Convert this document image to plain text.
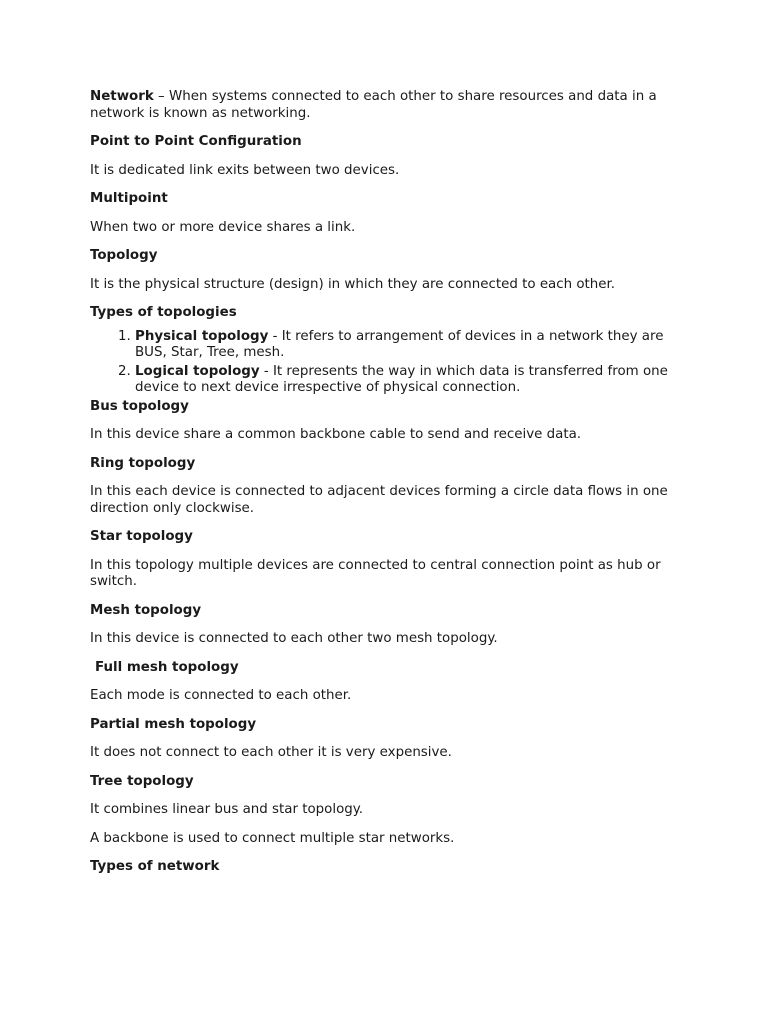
Network – When systems connected to each other to share resources and data in a network is known as networking.

Point to Point Configuration

It is dedicated link exits between two devices.

Multipoint

When two or more device shares a link.

Topology

It is the physical structure (design) in which they are connected to each other.

Types of topologies

1. Physical topology - It refers to arrangement of devices in a network they are BUS, Star, Tree, mesh.
2. Logical topology - It represents the way in which data is transferred from one device to next device irrespective of physical connection.

Bus topology

In this device share a common backbone cable to send and receive data.

Ring topology

In this each device is connected to adjacent devices forming a circle data flows in one direction only clockwise.

Star topology

In this topology multiple devices are connected to central connection point as hub or switch.

Mesh topology

In this device is connected to each other two mesh topology.

Full mesh topology

Each mode is connected to each other.

Partial mesh topology

It does not connect to each other it is very expensive.

Tree topology

It combines linear bus and star topology.

A backbone is used to connect multiple star networks.

Types of network
